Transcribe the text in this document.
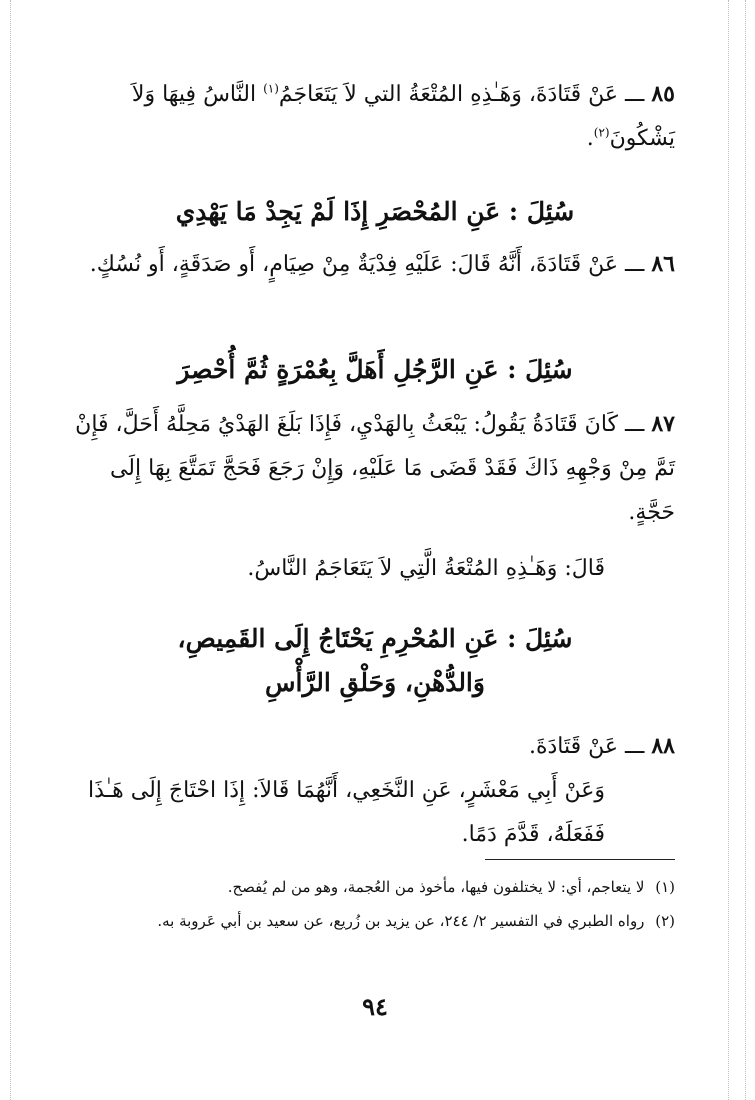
٨٥ ـــ عَنْ قَتَادَةَ، وَهَـٰذِهِ المُتْعَةُ التي لاَ يَتَعَاجَمُ$^{(١)}$ النَّاسُ فِيهَا وَلاَ يَشْكُونَ$^{(٢)}$.

سُئِلَ : عَنِ المُحْصَرِ إِذَا لَمْ يَجِدْ مَا يَهْدِي

٨٦ ـــ عَنْ قَتَادَةَ، أَنَّهُ قَالَ: عَلَيْهِ فِدْيَةٌ مِنْ صِيَامٍ، أَو صَدَقَةٍ، أَو نُسُكٍ.

سُئِلَ : عَنِ الرَّجُلِ أَهَلَّ بِعُمْرَةٍ ثُمَّ أُحْصِرَ

٨٧ ـــ كَانَ قَتَادَةُ يَقُولُ: يَبْعَثُ بِالهَدْيِ، فَإِذَا بَلَغَ الهَدْيُ مَحِلَّهُ أَحَلَّ، فَإِنْ تَمَّ مِنْ وَجْهِهِ ذَاكَ فَقَدْ قَضَى مَا عَلَيْهِ، وَإِنْ رَجَعَ فَحَجَّ تَمَتَّعَ بِهَا إِلَى حَجَّةٍ.

قَالَ: وَهَـٰذِهِ المُتْعَةُ الَّتِي لاَ يَتَعَاجَمُ النَّاسُ.

سُئِلَ : عَنِ المُحْرِمِ يَحْتَاجُ إِلَى القَمِيصِ،

وَالدُّهْنِ، وَحَلْقِ الرَّأْسِ

٨٨ ـــ عَنْ قَتَادَةَ.

وَعَنْ أَبِي مَعْشَرٍ، عَنِ النَّخَعِي، أَنَّهُمَا قَالاَ: إِذَا احْتَاجَ إِلَى هَـٰذَا فَفَعَلَهُ، قَدَّمَ دَمًا.

(١) لا يتعاجم، أي: لا يختلفون فيها، مأخوذ من العُجمة، وهو من لم يُفصح.

(٢) رواه الطبري في التفسير ٢/ ٢٤٤، عن يزيد بن زُريع، عن سعيد بن أبي عَروبة به.

٩٤
